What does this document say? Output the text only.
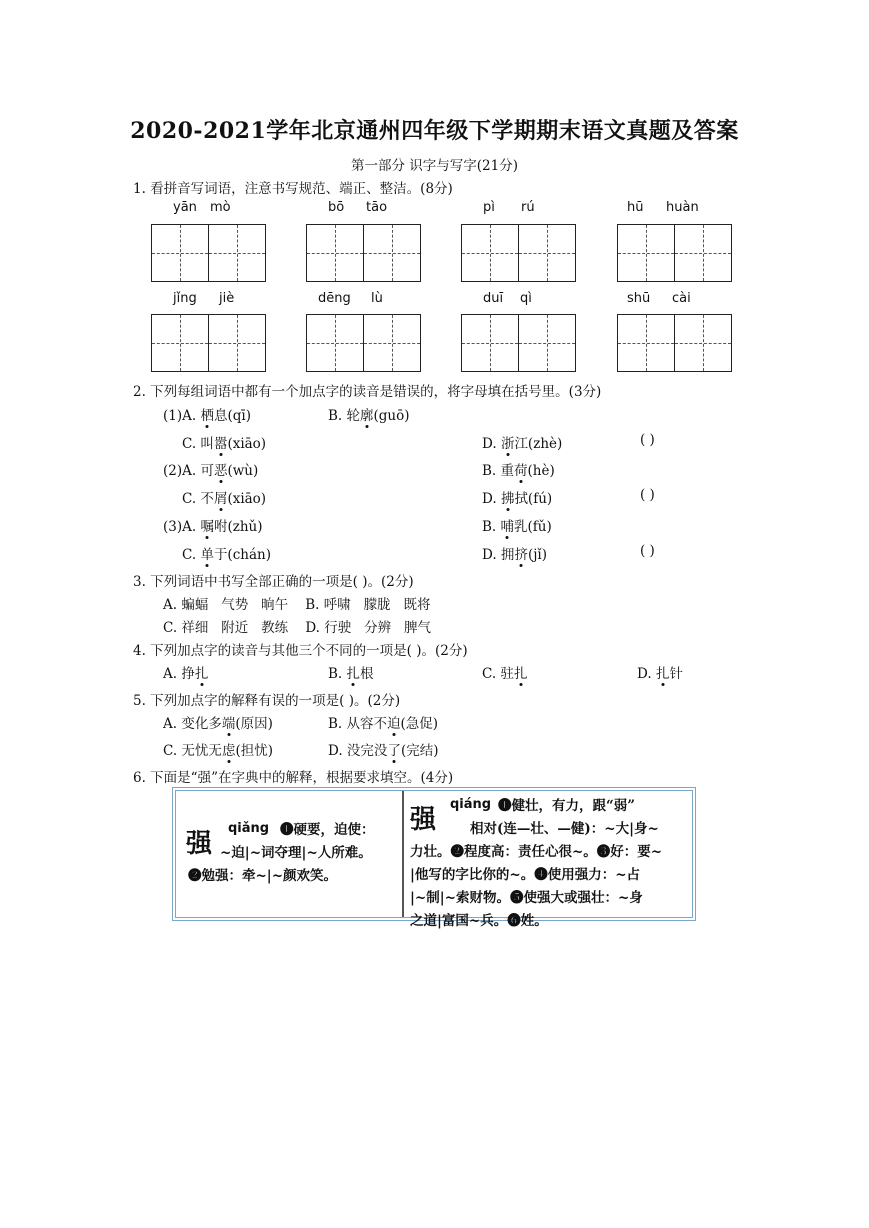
2020-2021学年北京通州四年级下学期期末语文真题及答案
第一部分 识字与写字(21分)
1. 看拼音写词语，注意书写规范、端正、整洁。(8分)
yān mò	bō tāo	pì rú	hū huàn
jǐng jiè	dēng lù	duī qì	shū cài
2. 下列每组词语中都有一个加点字的读音是错误的，将字母填在括号里。(3分)
(1)A. 栖息(qī)	B. 轮廓(guō)
C. 叫嚣(xiāo)	D. 浙江(zhè)	( )
(2)A. 可恶(wù)	B. 重荷(hè)
C. 不屑(xiāo)	D. 拂拭(fú)	( )
(3)A. 嘱咐(zhǔ)	B. 哺乳(fǔ)
C. 单于(chán)	D. 拥挤(jǐ)	( )
3. 下列词语中书写全部正确的一项是( )。(2分)
A. 蝙蝠   气势   晌午    B. 呼啸   朦胧   既将
C. 祥细   附近   教练    D. 行驶   分辨   脾气
4. 下列加点字的读音与其他三个不同的一项是( )。(2分)
A. 挣扎	B. 扎根	C. 驻扎	D. 扎针
5. 下列加点字的解释有误的一项是( )。(2分)
A. 变化多端(原因)	B. 从容不迫(急促)
C. 无忧无虑(担忧)	D. 没完没了(完结)
6. 下面是“强”在字典中的解释，根据要求填空。(4分)
强
qiǎng ❶硬要，迫使：
~迫|~词夺理|~人所难。
❷勉强：牵~|~颜欢笑。
强
qiáng ❶健壮，有力，跟“弱”
相对(连—壮、—健)：~大|身~
力壮。❷程度高：责任心很~。❸好：要~
|他写的字比你的~。❹使用强力：~占
|~制|~索财物。❺使强大或强壮：~身
之道|富国~兵。❻姓。
